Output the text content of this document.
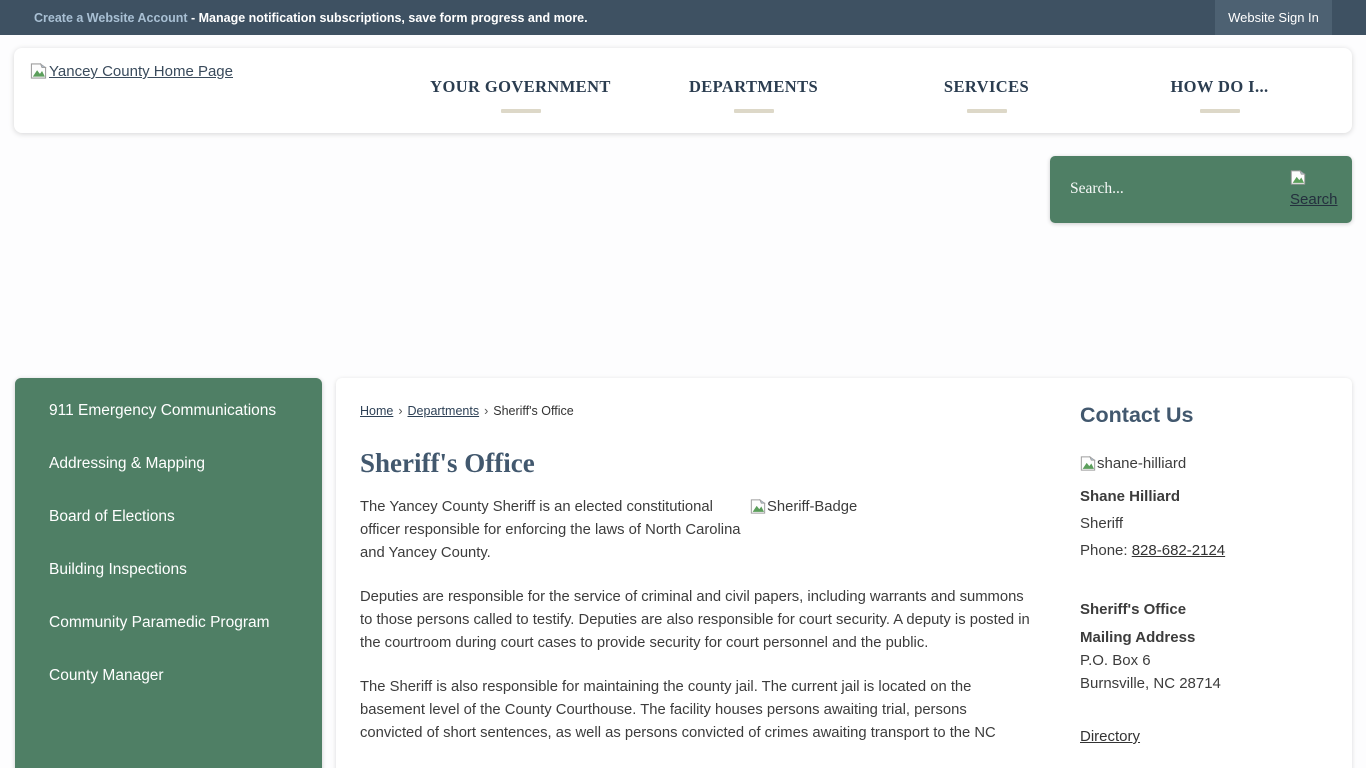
Create a Website Account - Manage notification subscriptions, save form progress and more.	Website Sign In
Yancey County Home Page
YOUR GOVERNMENT	DEPARTMENTS	SERVICES	HOW DO I...
Search...
Search
911 Emergency Communications
Addressing & Mapping
Board of Elections
Building Inspections
Community Paramedic Program
County Manager
Home › Departments › Sheriff's Office
Sheriff's Office
Sheriff-Badge

The Yancey County Sheriff is an elected constitutional officer responsible for enforcing the laws of North Carolina and Yancey County.

Deputies are responsible for the service of criminal and civil papers, including warrants and summons to those persons called to testify. Deputies are also responsible for court security. A deputy is posted in the courtroom during court cases to provide security for court personnel and the public.

The Sheriff is also responsible for maintaining the county jail. The current jail is located on the basement level of the County Courthouse. The facility houses persons awaiting trial, persons convicted of short sentences, as well as persons convicted of crimes awaiting transport to the NC

Contact Us
shane-hilliard
Shane Hilliard
Sheriff
Phone: 828-682-2124
Sheriff's Office
Mailing Address
P.O. Box 6
Burnsville, NC 28714
Directory
